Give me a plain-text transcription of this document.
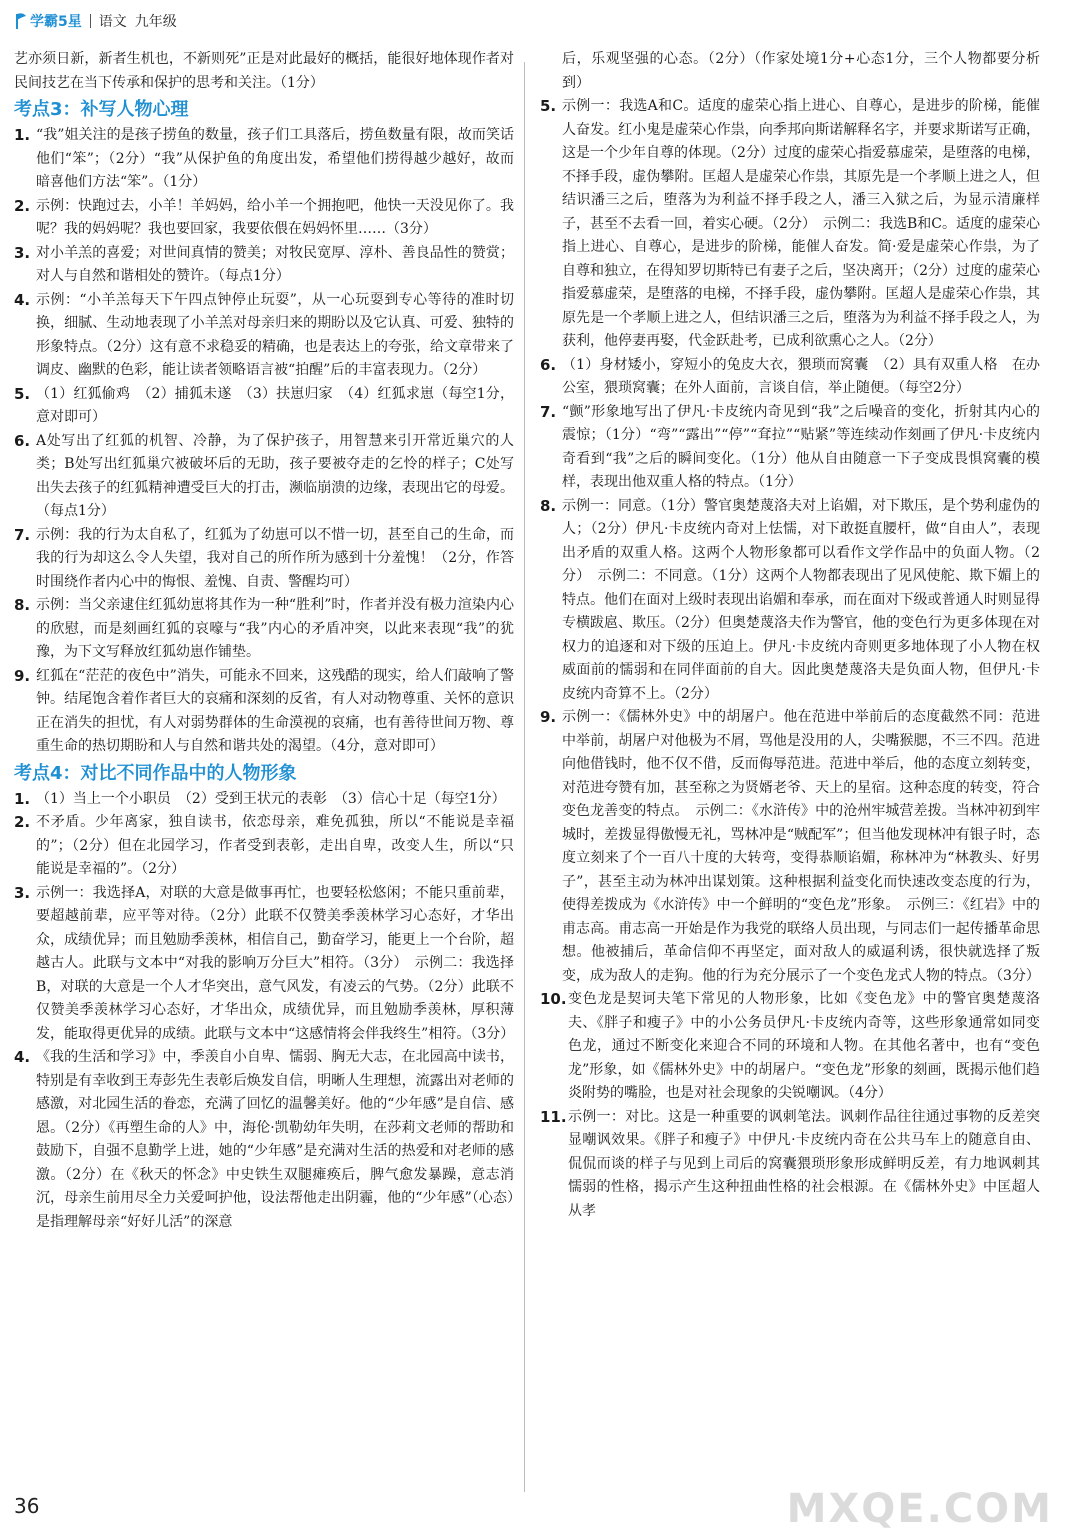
学霸5星 语文 九年级

艺亦须日新，新者生机也，不新则死”正是对此最好的概括，能很好地体现作者对民间技艺在当下传承和保护的思考和关注。（1分）

考点3：补写人物心理
1. “我”姐关注的是孩子捞鱼的数量，孩子们工具落后，捞鱼数量有限，故而笑话他们“笨”；（2分）“我”从保护鱼的角度出发，希望他们捞得越少越好，故而暗喜他们方法“笨”。（1分）
2. 示例：快跑过去，小羊！羊妈妈，给小羊一个拥抱吧，他快一天没见你了。我呢？我的妈妈呢？我也要回家，我要依偎在妈妈怀里……（3分）
3. 对小羊羔的喜爱；对世间真情的赞美；对牧民宽厚、淳朴、善良品性的赞赏；对人与自然和谐相处的赞许。（每点1分）
4. 示例：“小羊羔每天下午四点钟停止玩耍”，从一心玩耍到专心等待的准时切换，细腻、生动地表现了小羊羔对母亲归来的期盼以及它认真、可爱、独特的形象特点。（2分）这有意不求稳妥的精确，也是表达上的夸张，给文章带来了调皮、幽默的色彩，能让读者领略语言被“拍醒”后的丰富表现力。（2分）
5. （1）红狐偷鸡　（2）捕狐未遂　（3）扶崽归家　（4）红狐求崽（每空1分，意对即可）
6. A处写出了红狐的机智、冷静，为了保护孩子，用智慧来引开常近巢穴的人类；B处写出红狐巢穴被破坏后的无助，孩子要被夺走的乞怜的样子；C处写出失去孩子的红狐精神遭受巨大的打击，濒临崩溃的边缘，表现出它的母爱。（每点1分）
7. 示例：我的行为太自私了，红狐为了幼崽可以不惜一切，甚至自己的生命，而我的行为却这么令人失望，我对自己的所作所为感到十分羞愧！（2分，作答时围绕作者内心中的悔恨、羞愧、自责、警醒均可）
8. 示例：当父亲逮住红狐幼崽将其作为一种“胜利”时，作者并没有极力渲染内心的欣慰，而是刻画红狐的哀嚎与“我”内心的矛盾冲突，以此来表现“我”的犹豫，为下文写释放红狐幼崽作铺垫。
9. 红狐在“茫茫的夜色中”消失，可能永不回来，这残酷的现实，给人们敲响了警钟。结尾饱含着作者巨大的哀痛和深刻的反省，有人对动物尊重、关怀的意识正在消失的担忧，有人对弱势群体的生命漠视的哀痛，也有善待世间万物、尊重生命的热切期盼和人与自然和谐共处的渴望。（4分，意对即可）
考点4：对比不同作品中的人物形象
1. （1）当上一个小职员　（2）受到王状元的表彰　（3）信心十足（每空1分）
2. 不矛盾。少年离家，独自读书，依恋母亲，难免孤独，所以“不能说是幸福的”；（2分）但在北园学习，作者受到表彰，走出自卑，改变人生，所以“只能说是幸福的”。（2分）
3. 示例一：我选择A，对联的大意是做事再忙，也要轻松悠闲；不能只重前辈，要超越前辈，应平等对待。（2分）此联不仅赞美季羡林学习心态好，才华出众，成绩优异；而且勉励季羡林，相信自己，勤奋学习，能更上一个台阶，超越古人。此联与文本中“对我的影响万分巨大”相符。（3分）　示例二：我选择B，对联的大意是一个人才华突出，意气风发，有凌云的气势。（2分）此联不仅赞美季羡林学习心态好，才华出众，成绩优异，而且勉励季羡林，厚积薄发，能取得更优异的成绩。此联与文本中“这感情将会伴我终生”相符。（3分）
4. 《我的生活和学习》中，季羡自小自卑、懦弱、胸无大志，在北园高中读书，特别是有幸收到王寿彭先生表彰后焕发自信，明晰人生理想，流露出对老师的感激，对北园生活的眷恋，充满了回忆的温馨美好。他的“少年感”是自信、感恩。（2分）《再塑生命的人》中，海伦·凯勒幼年失明，在莎莉文老师的帮助和鼓励下，自强不息勤学上进，她的“少年感”是充满对生活的热爱和对老师的感激。（2分）在《秋天的怀念》中史铁生双腿瘫痪后，脾气愈发暴躁，意志消沉，母亲生前用尽全力关爱呵护他，设法帮他走出阴霾，他的“少年感”（心态）是指理解母亲“好好儿活”的深意

后，乐观坚强的心态。（2分）（作家处境1分+心态1分，三个人物都要分析到）

5. 示例一：我选A和C。适度的虚荣心指上进心、自尊心，是进步的阶梯，能催人奋发。红小鬼是虚荣心作祟，向季邦向斯诺解释名字，并要求斯诺写正确，这是一个少年自尊的体现。（2分）过度的虚荣心指爱慕虚荣，是堕落的电梯，不择手段，虚伪攀附。匡超人是虚荣心作祟，其原先是一个孝顺上进之人，但结识潘三之后，堕落为为利益不择手段之人，潘三入狱之后，为显示清廉样子，甚至不去看一回，着实心硬。（2分）　示例二：我选B和C。适度的虚荣心指上进心、自尊心，是进步的阶梯，能催人奋发。简·爱是虚荣心作祟，为了自尊和独立，在得知罗切斯特已有妻子之后，坚决离开；（2分）过度的虚荣心指爱慕虚荣，是堕落的电梯，不择手段，虚伪攀附。匡超人是虚荣心作祟，其原先是一个孝顺上进之人，但结识潘三之后，堕落为为利益不择手段之人，为获利，他停妻再娶，代金跃赴考，已成利欲熏心之人。（2分）
6. （1）身材矮小，穿短小的兔皮大衣，猥琐而窝囊　（2）具有双重人格　在办公室，猥琐窝囊；在外人面前，言谈自信，举止随便。（每空2分）
7. “颤”形象地写出了伊凡·卡皮统内奇见到“我”之后噪音的变化，折射其内心的震惊；（1分）“弯”“露出”“停”“耷拉”“贴紧”等连续动作刻画了伊凡·卡皮统内奇看到“我”之后的瞬间变化。（1分）他从自由随意一下子变成畏惧窝囊的模样，表现出他双重人格的特点。（1分）
8. 示例一：同意。（1分）警官奥楚蔑洛夫对上谄媚，对下欺压，是个势利虚伪的人；（2分）伊凡·卡皮统内奇对上怯懦，对下敢挺直腰杆，做“自由人”，表现出矛盾的双重人格。这两个人物形象都可以看作文学作品中的负面人物。（2分）　示例二：不同意。（1分）这两个人物都表现出了见风使舵、欺下媚上的特点。他们在面对上级时表现出谄媚和奉承，而在面对下级或普通人时则显得专横跋扈、欺压。（2分）但奥楚蔑洛夫作为警官，他的变色行为更多体现在对权力的追逐和对下级的压迫上。伊凡·卡皮统内奇则更多地体现了小人物在权威面前的懦弱和在同伴面前的自大。因此奥楚蔑洛夫是负面人物，但伊凡·卡皮统内奇算不上。（2分）
9. 示例一：《儒林外史》中的胡屠户。他在范进中举前后的态度截然不同：范进中举前，胡屠户对他极为不屑，骂他是没用的人，尖嘴猴腮，不三不四。范进向他借钱时，他不仅不借，反而侮辱范进。范进中举后，他的态度立刻转变，对范进夸赞有加，甚至称之为贤婿老爷、天上的星宿。这种态度的转变，符合变色龙善变的特点。　示例二：《水浒传》中的沧州牢城营差拨。当林冲初到牢城时，差拨显得傲慢无礼，骂林冲是“贼配军”；但当他发现林冲有银子时，态度立刻来了个一百八十度的大转弯，变得恭顺谄媚，称林冲为“林教头、好男子”，甚至主动为林冲出谋划策。这种根据利益变化而快速改变态度的行为，使得差拨成为《水浒传》中一个鲜明的“变色龙”形象。　示例三：《红岩》中的甫志高。甫志高一开始是作为我党的联络人员出现，与同志们一起传播革命思想。他被捕后，革命信仰不再坚定，面对敌人的威逼利诱，很快就选择了叛变，成为敌人的走狗。他的行为充分展示了一个变色龙式人物的特点。（3分）
10. 变色龙是契诃夫笔下常见的人物形象，比如《变色龙》中的警官奥楚蔑洛夫、《胖子和瘦子》中的小公务员伊凡·卡皮统内奇等，这些形象通常如同变色龙，通过不断变化来迎合不同的环境和人物。在其他名著中，也有“变色龙”形象，如《儒林外史》中的胡屠户。“变色龙”形象的刻画，既揭示他们趋炎附势的嘴脸，也是对社会现象的尖锐嘲讽。（4分）
11. 示例一：对比。这是一种重要的讽刺笔法。讽刺作品往往通过事物的反差突显嘲讽效果。《胖子和瘦子》中伊凡·卡皮统内奇在公共马车上的随意自由、侃侃而谈的样子与见到上司后的窝囊猥琐形象形成鲜明反差，有力地讽刺其懦弱的性格，揭示产生这种扭曲性格的社会根源。在《儒林外史》中匡超人从孝
36	MXQE.COM
